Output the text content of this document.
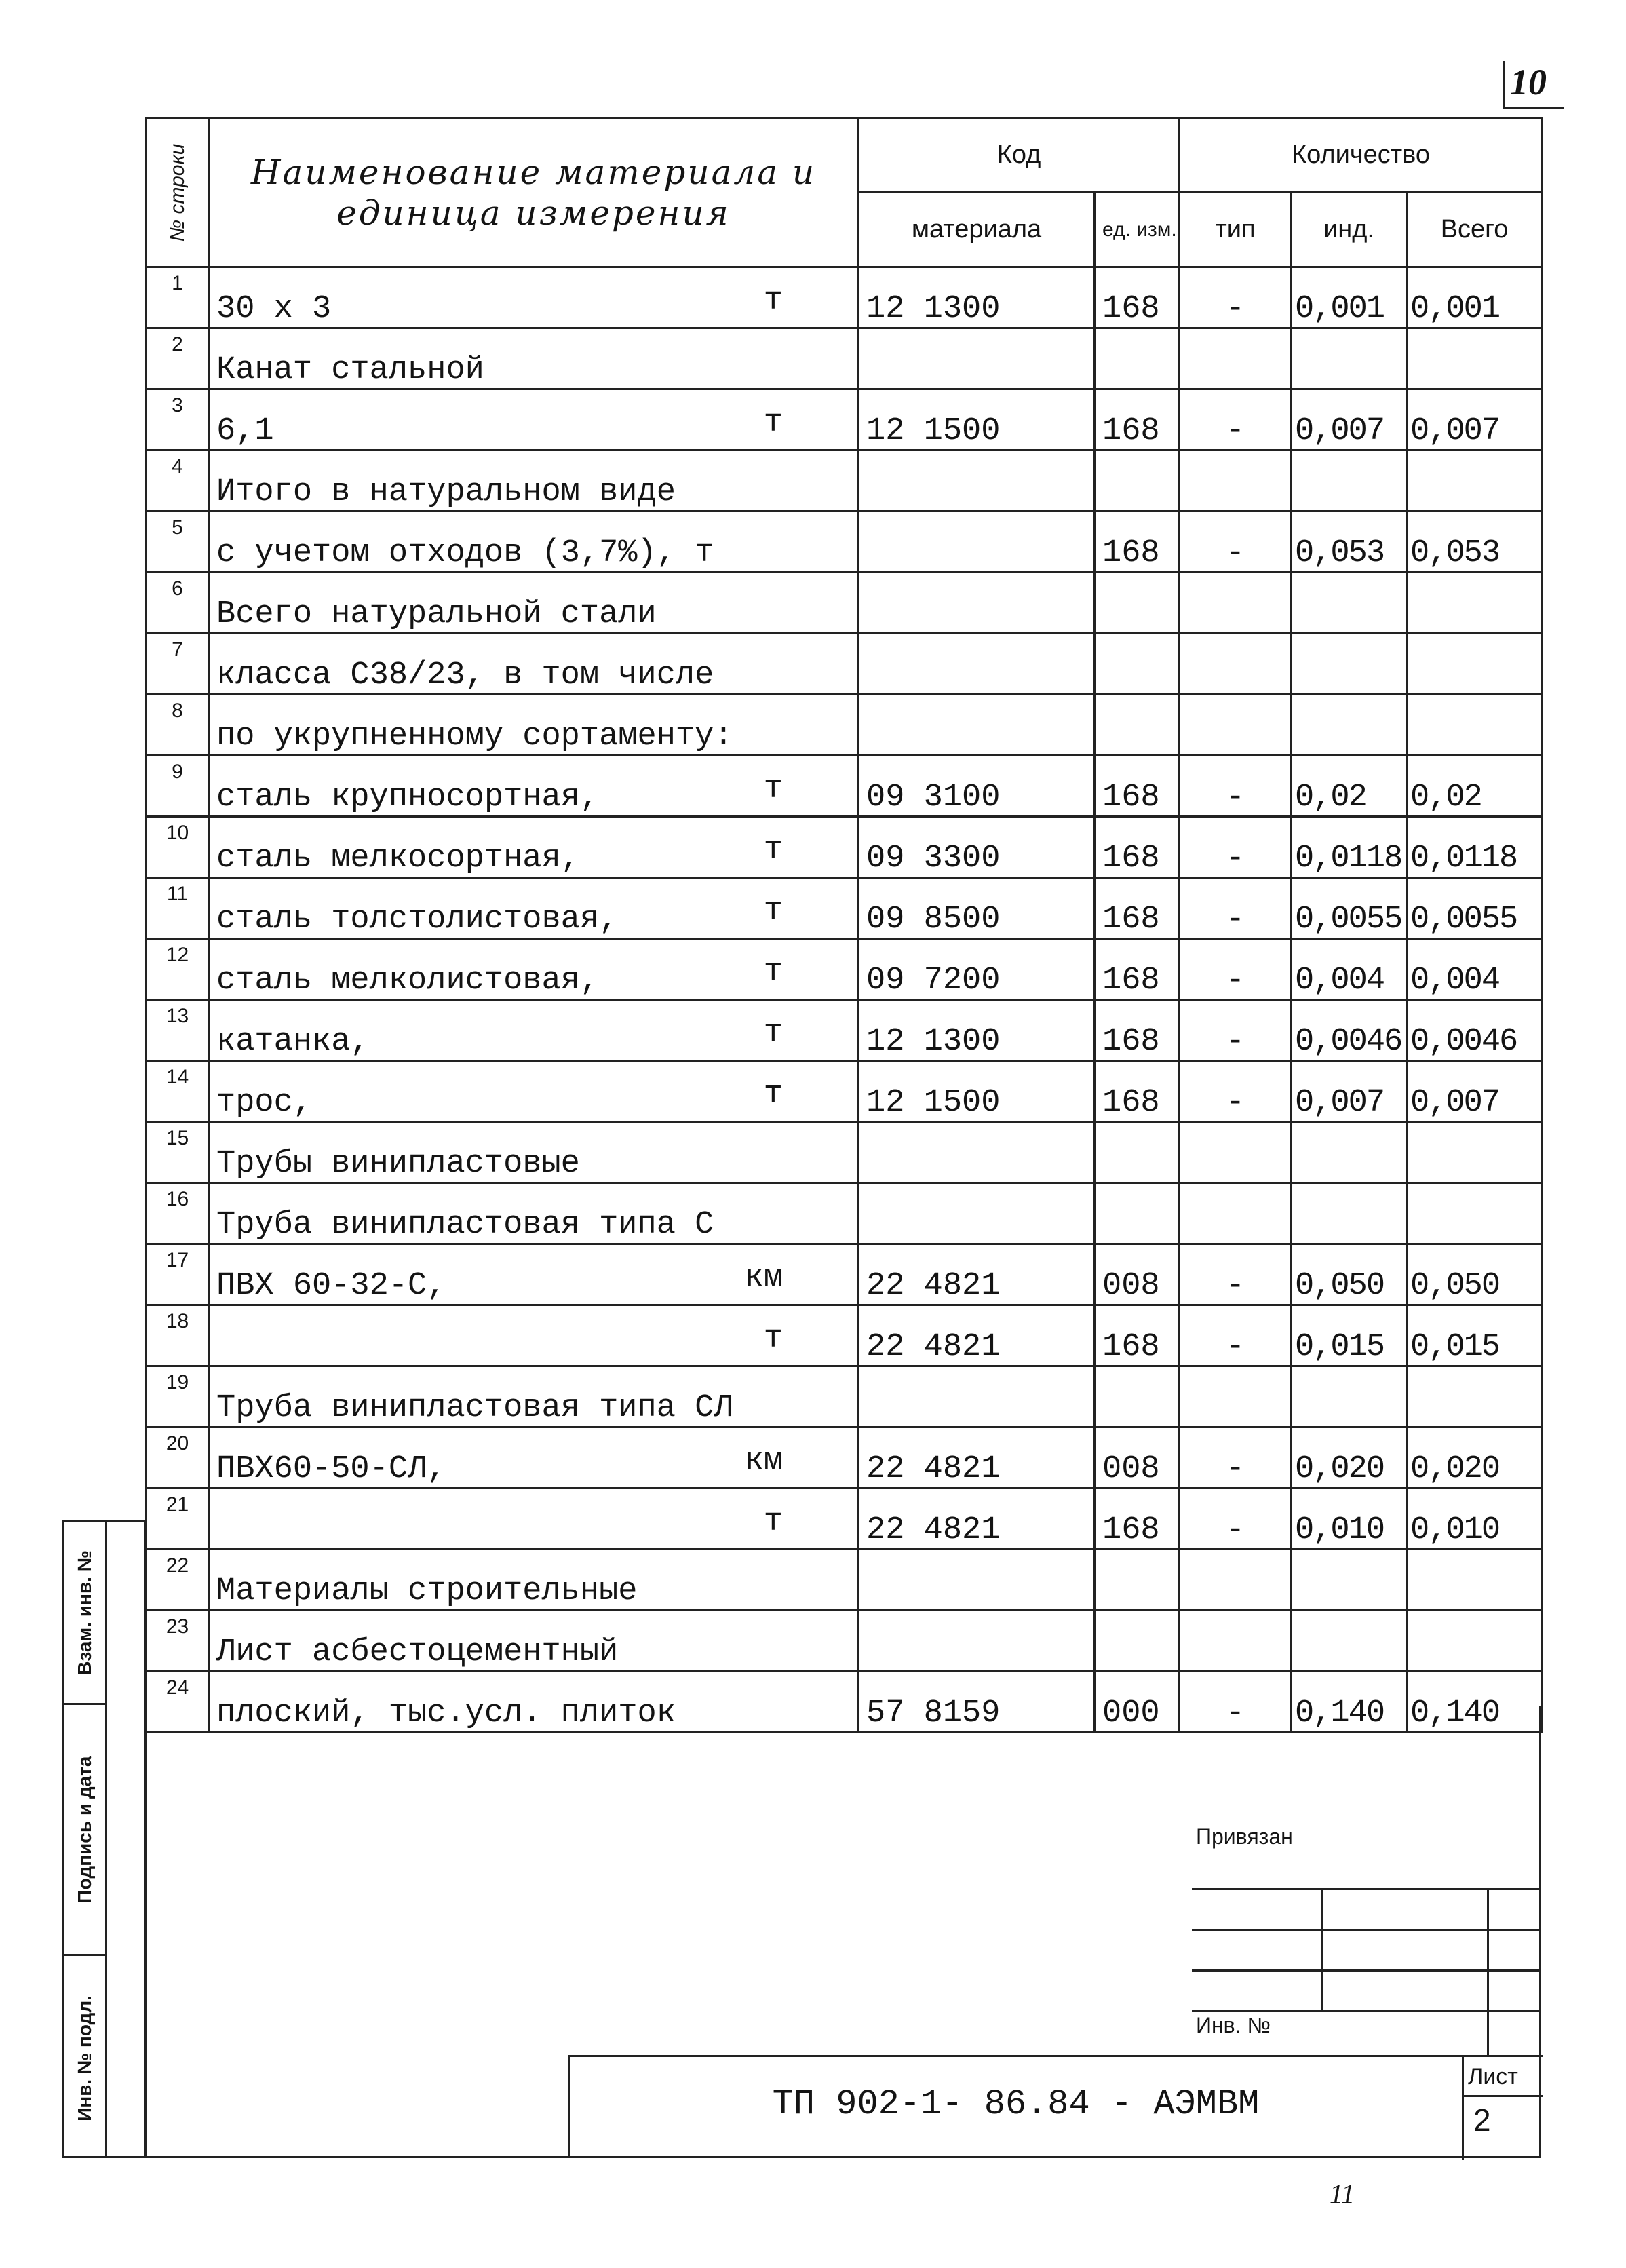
10
№ строки	Наименование материала и единица измерения	Код		Количество		
		материала	ед. изм.	тип	инд.	Всего
1	30 x 3 т	12 1300	168	-	0,001	0,001
2	Канат стальной

3	6,1 т	12 1500	168	-	0,007	0,007
4	Итого в натуральном виде

5	с учетом отходов (3,7%), т		168	-	0,053	0,053
6	Всего натуральной стали

7	класса С38/23, в том числе

8	по укрупненному сортаменту:

9	сталь крупносортная, т	09 3100	168	-	0,02	0,02
10	сталь мелкосортная, т	09 3300	168	-	0,0118	0,0118
11	сталь толстолистовая, т	09 8500	168	-	0,0055	0,0055
12	сталь мелколистовая, т	09 7200	168	-	0,004	0,004
13	катанка, т	12 1300	168	-	0,0046	0,0046
14	трос, т	12 1500	168	-	0,007	0,007
15	Трубы винипластовые

16	Труба винипластовая типа С

17	ПВХ 60-32-С, км	22 4821	008	-	0,050	0,050
18	т	22 4821	168	-	0,015	0,015
19	Труба винипластовая типа СЛ

20	ПВХ60-50-СЛ, км	22 4821	008	-	0,020	0,020
21	т	22 4821	168	-	0,010	0,010
22	Материалы строительные

23	Лист асбестоцементный

24	плоский, тыс.усл. плиток	57 8159	000	-	0,140	0,140
Привязан
Инв. №
ТП 902-1- 86.84 - АЭМВМ
Лист
2
Взам. инв. №
Подпись и дата
Инв. № подл.
11
